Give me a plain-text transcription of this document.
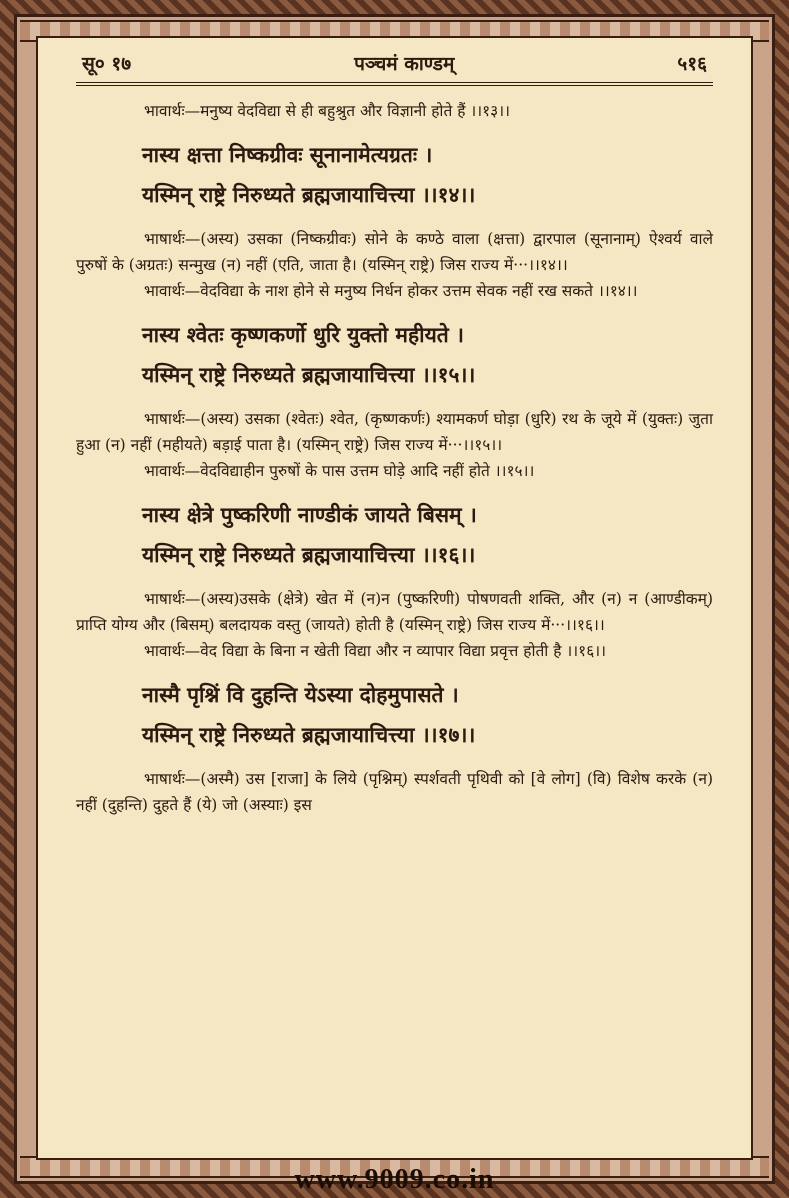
सू० १७	पञ्चमं काण्डम्	५१६

भावार्थः—मनुष्य वेदविद्या से ही बहुश्रुत और विज्ञानी होते हैं ।।१३।।

नास्य क्षत्ता निष्कग्रीवः सूनानामेत्यग्रतः ।
यस्मिन् राष्ट्रे निरुध्यते ब्रह्मजायाचित्त्या ।।१४।।

भाषार्थः—(अस्य) उसका (निष्कग्रीवः) सोने के कण्ठे वाला (क्षत्ता) द्वारपाल (सूनानाम्) ऐश्वर्य वाले पुरुषों के (अग्रतः) सन्मुख (न) नहीं (एति, जाता है। (यस्मिन् राष्ट्रे) जिस राज्य में···।।१४।।

भावार्थः—वेदविद्या के नाश होने से मनुष्य निर्धन होकर उत्तम सेवक नहीं रख सकते ।।१४।।

नास्य श्वेतः कृष्णकर्णो धुरि युक्तो महीयते ।
यस्मिन् राष्ट्रे निरुध्यते ब्रह्मजायाचित्त्या ।।१५।।

भाषार्थः—(अस्य) उसका (श्वेतः) श्वेत, (कृष्णकर्णः) श्यामकर्ण घोड़ा (धुरि) रथ के जूये में (युक्तः) जुता हुआ (न) नहीं (महीयते) बड़ाई पाता है। (यस्मिन् राष्ट्रे) जिस राज्य में···।।१५।।

भावार्थः—वेदविद्याहीन पुरुषों के पास उत्तम घोड़े आदि नहीं होते ।।१५।।

नास्य क्षेत्रे पुष्करिणी नाण्डीकं जायते बिसम् ।
यस्मिन् राष्ट्रे निरुध्यते ब्रह्मजायाचित्त्या ।।१६।।

भाषार्थः—(अस्य)उसके (क्षेत्रे) खेत में (न)न (पुष्करिणी) पोषणवती शक्ति, और (न) न (आण्डीकम्) प्राप्ति योग्य और (बिसम्) बलदायक वस्तु (जायते) होती है (यस्मिन् राष्ट्रे) जिस राज्य में···।।१६।।

भावार्थः—वेद विद्या के बिना न खेती विद्या और न व्यापार विद्या प्रवृत्त होती है ।।१६।।

नास्मै पृश्निं वि दुहन्ति येऽस्या दोहमुपासते ।
यस्मिन् राष्ट्रे निरुध्यते ब्रह्मजायाचित्त्या ।।१७।।

भाषार्थः—(अस्मै) उस [राजा] के लिये (पृश्निम्) स्पर्शवती पृथिवी को [वे लोग] (वि) विशेष करके (न) नहीं (दुहन्ति) दुहते हैं (ये) जो (अस्याः) इस

www.9009.co.in
